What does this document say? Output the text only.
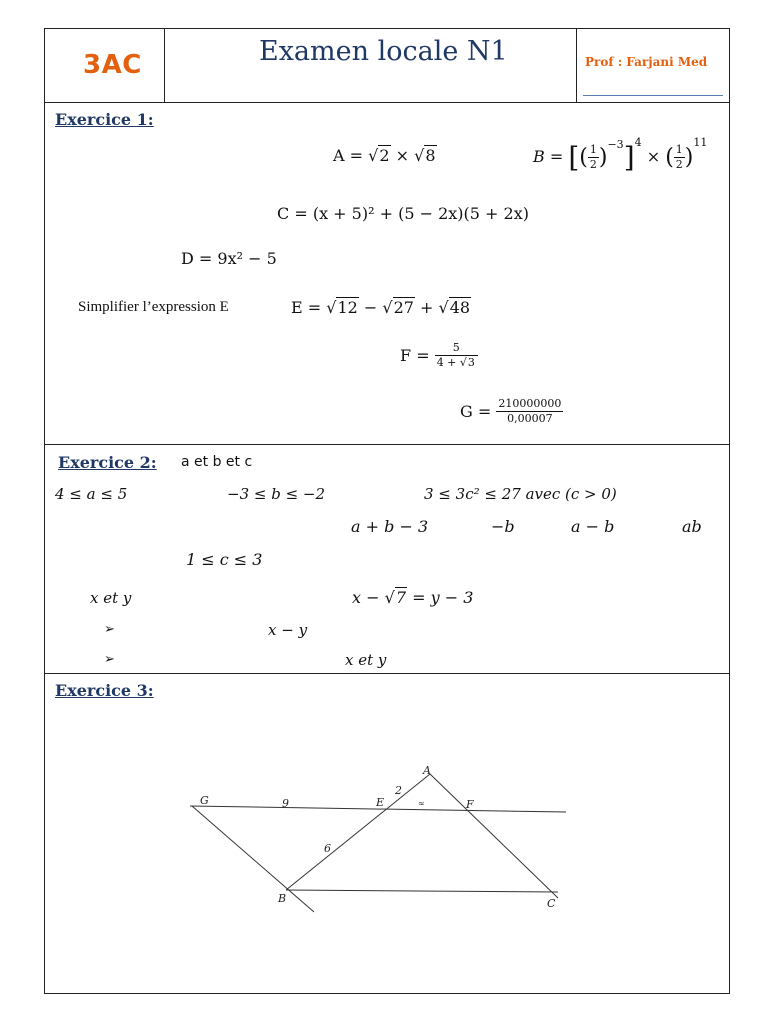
3AC	Examen locale N1	Prof : Farjani Med
Exercice 1:
A = √2 × √8	B = [( $\frac{1}{2} )^{-3}]^4$ × ( $\frac{1}{2} )^{11}$
C = (x + 5)² + (5 − 2x)(5 + 2x)
D = 9x² − 5
Simplifier l’expression E	E = √12 − √27 + √48
$F = \frac{5}{4 + √3}$
$G = \frac{210000000}{0,00007}$
Exercice 2: a et b et c
4 ≤ a ≤ 5	−3 ≤ b ≤ −2	3 ≤ 3c² ≤ 27 avec (c > 0)
a + b − 3	−b	a − b	ab
1 ≤ c ≤ 3
x et y	x − √7 = y − 3
➢	x − y
➢	x et y
Exercice 3:
A
B	C
E	F
G	9
2
6
≈
